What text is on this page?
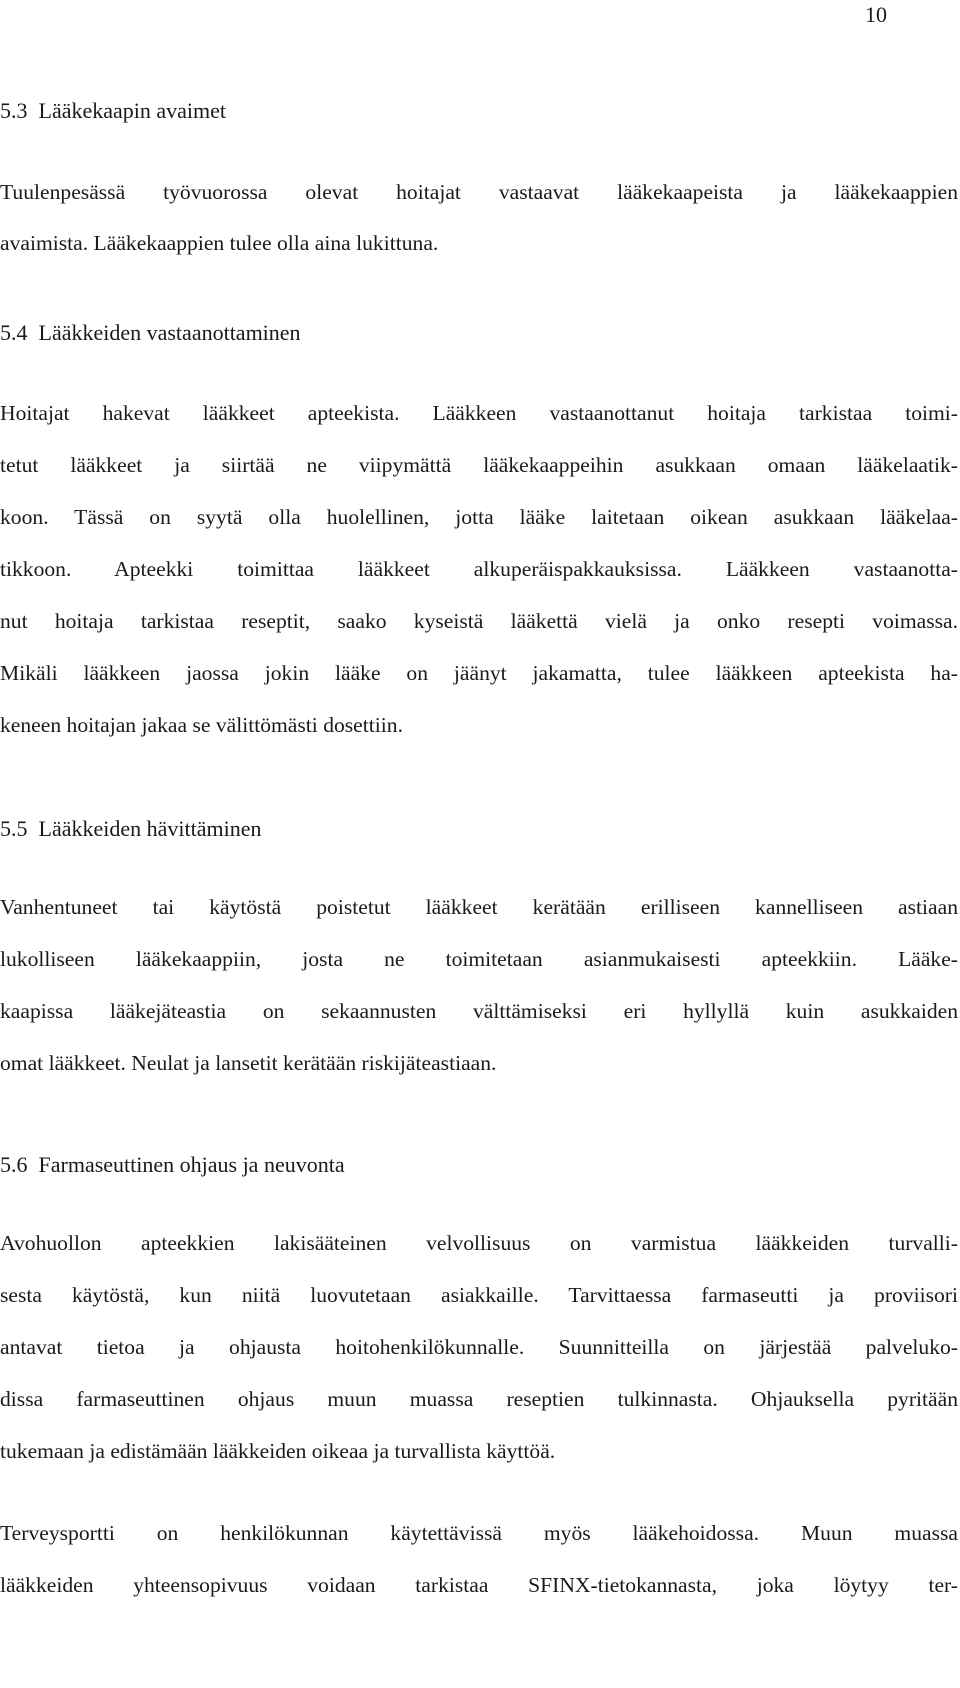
10
5.3  Lääkekaapin avaimet
Tuulenpesässä työvuorossa olevat hoitajat vastaavat lääkekaapeista ja lääkekaappien
avaimista. Lääkekaappien tulee olla aina lukittuna.
5.4  Lääkkeiden vastaanottaminen
Hoitajat hakevat lääkkeet apteekista. Lääkkeen vastaanottanut hoitaja tarkistaa toimi-
tetut lääkkeet ja siirtää ne viipymättä lääkekaappeihin asukkaan omaan lääkelaatik-
koon. Tässä on syytä olla huolellinen, jotta lääke laitetaan oikean asukkaan lääkelaa-
tikkoon. Apteekki toimittaa lääkkeet alkuperäispakkauksissa. Lääkkeen vastaanotta-
nut hoitaja tarkistaa reseptit, saako kyseistä lääkettä vielä ja onko resepti voimassa.
Mikäli lääkkeen jaossa jokin lääke on jäänyt jakamatta, tulee lääkkeen apteekista ha-
keneen hoitajan jakaa se välittömästi dosettiin.
5.5  Lääkkeiden hävittäminen
Vanhentuneet tai käytöstä poistetut lääkkeet kerätään erilliseen kannelliseen astiaan
lukolliseen lääkekaappiin, josta ne toimitetaan asianmukaisesti apteekkiin. Lääke-
kaapissa lääkejäteastia on sekaannusten välttämiseksi eri hyllyllä kuin asukkaiden
omat lääkkeet. Neulat ja lansetit kerätään riskijäteastiaan.
5.6  Farmaseuttinen ohjaus ja neuvonta
Avohuollon apteekkien lakisääteinen velvollisuus on varmistua lääkkeiden turvalli-
sesta käytöstä, kun niitä luovutetaan asiakkaille. Tarvittaessa farmaseutti ja proviisori
antavat tietoa ja ohjausta hoitohenkilökunnalle. Suunnitteilla on järjestää palveluko-
dissa farmaseuttinen ohjaus muun muassa reseptien tulkinnasta. Ohjauksella pyritään
tukemaan ja edistämään lääkkeiden oikeaa ja turvallista käyttöä.
Terveysportti on henkilökunnan käytettävissä myös lääkehoidossa. Muun muassa
lääkkeiden yhteensopivuus voidaan tarkistaa SFINX-tietokannasta, joka löytyy ter-
